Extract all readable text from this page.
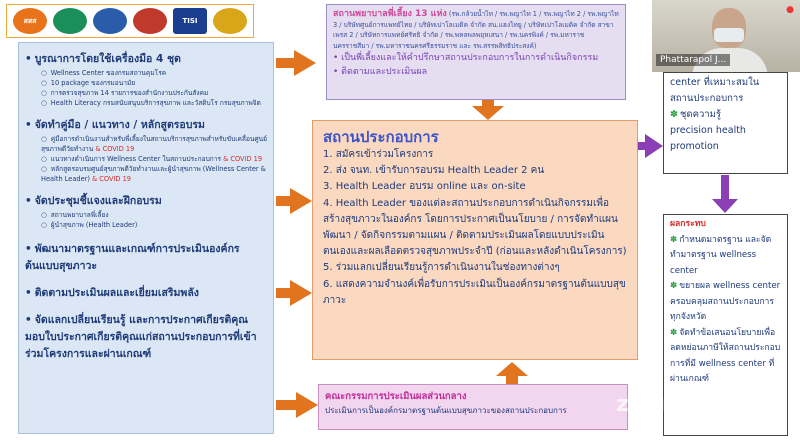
สสส	TISI
• บูรณาการโดยใช้เครื่องมือ 4 ชุด
○ Wellness Center ของกรมสถานคุมโรค
○ 10 package ของกรมอนามัย
○ การตรวจสุขภาพ 14 รายการของสำนักงานประกันสังคม
○ Health Literacy กรมสนับสนุนบริการสุขภาพ และวัสดิบโร กรมสุขภาพจิต
• จัดทำคู่มือ / แนวทาง / หลักสูตรอบรม
○ คู่มือการดำเนินงานสำหรับพี่เลี้ยงในสถานบริการสุขภาพสำหรับขับเคลื่อนศูนย์สุขภาพดีวัยทำงาน & COVID 19
○ แนวทางดำเนินการ Wellness Center ในสถานประกอบการ & COVID 19
○ หลักสูตรอบรมศูนย์สุขภาพดีวัยทำงานและผู้นำสุขภาพ (Wellness Center & Health Leader) & COVID 19
• จัดประชุมชี้แจงและฝึกอบรม
○ สถานพยาบาลพี่เลี้ยง
○ ผู้นำสุขภาพ (Health Leader)
• พัฒนามาตรฐานและเกณฑ์การประเมินองค์กรต้นแบบสุขภาวะ
• ติดตามประเมินผลและเยี่ยมเสริมพลัง
• จัดแลกเปลี่ยนเรียนรู้ และการประกาศเกียรติคุณมอบใบประกาศเกียรติคุณแก่สถานประกอบการที่เข้าร่วมโครงการและผ่านเกณฑ์
สถานพยาบาลพี่เลี้ยง 13 แห่ง (รพ.กล้วยน้ำไท / รพ.พญาไท 1 / รพ.พญาไท 2 / รพ.พญาไท 3 / บริษัทศูนย์การแพทย์ไทย / บริษัทเปาโลเมดิค จำกัด สน.แฮงไทยู / บริษัทเปาโลเมดิค จำกัด สาขาเพรส 2 / บริษัทการแพทย์ศรัทธิ จำกัด / รพ.พหลพลพยุหเสนา / รพ.นครพิงค์ / รพ.มหาราชนครราชสีมา / รพ.มหาราชนครศรีธรรมราช และ รพ.สรรพสิทธิประสงค์)
• เป็นพี่เลี้ยงและให้คำปรึกษาสถานประกอบการในการดำเนินกิจกรรม
• ติดตามและประเมินผล
สถานประกอบการ
1. สมัครเข้าร่วมโครงการ
2. ส่ง จนท. เข้ารับการอบรม Health Leader 2 คน
3. Health Leader อบรม online และ on-site
4. Health Leader ของแต่ละสถานประกอบการดำเนินกิจกรรมเพื่อสร้างสุขภาวะในองค์กร โดยการประกาศเป็นนโยบาย / การจัดทำแผนพัฒนา / จัดกิจกรรมตามแผน / ติดตามประเมินผลโดยแบบประเมินตนเองและผลเลือดตรวจสุขภาพประจำปี (ก่อนและหลังดำเนินโครงการ)
5. ร่วมแลกเปลี่ยนเรียนรู้การดำเนินงานในช่องทางต่างๆ
6. แสดงความจำนงค์เพื่อรับการประเมินเป็นองค์กรมาตรฐานต้นแบบสุขภาวะ
คณะกรรมการประเมินผลส่วนกลาง
ประเมินการเป็นองค์กรมาตรฐานต้นแบบสุขภาวะของสถานประกอบการ
center ที่เหมาะสมใน
สถานประกอบการ
✽ ชุดความรู้
precision health
promotion
ผลกระทบ
✽ กำหนดมาตรฐาน และจัดทำมาตรฐาน wellness center
✽ ขยายผล wellness center ครอบคลุมสถานประกอบการทุกจังหวัด
✽ จัดทำข้อเสนอนโยบายเพื่อลดหย่อนภาษีให้สถานประกอบการที่มี wellness center ที่ผ่านเกณฑ์
zoom
●
Phattarapol J...
